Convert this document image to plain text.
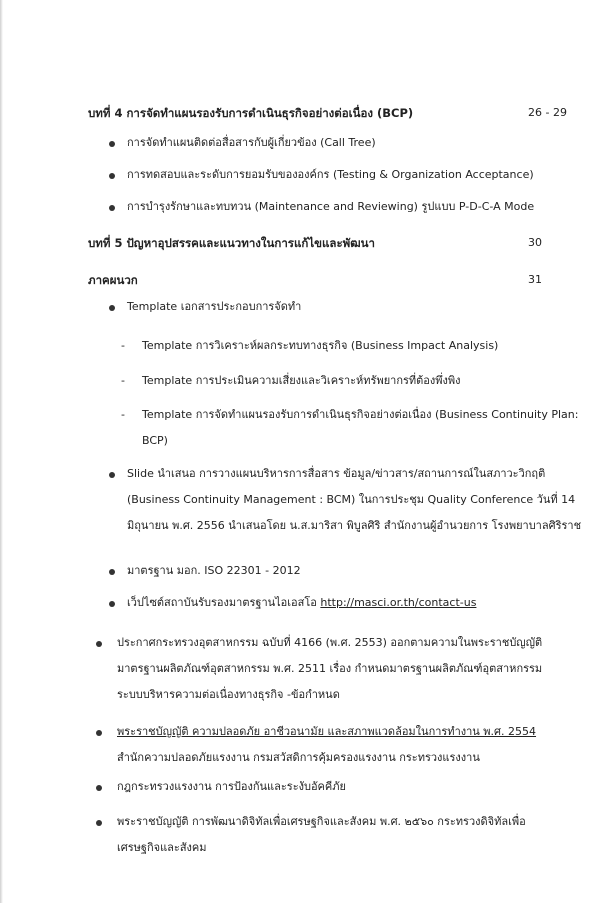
บทที่ 4 การจัดทำแผนรองรับการดำเนินธุรกิจอย่างต่อเนื่อง (BCP)	26 - 29
การจัดทำแผนติดต่อสื่อสารกับผู้เกี่ยวข้อง (Call Tree)
การทดสอบและระดับการยอมรับขององค์กร (Testing & Organization Acceptance)
การบำรุงรักษาและทบทวน (Maintenance and Reviewing) รูปแบบ P-D-C-A Mode
บทที่ 5 ปัญหาอุปสรรคและแนวทางในการแก้ไขและพัฒนา	30
ภาคผนวก	31
Template เอกสารประกอบการจัดทำ
- Template การวิเคราะห์ผลกระทบทางธุรกิจ (Business Impact Analysis)
- Template การประเมินความเสี่ยงและวิเคราะห์ทรัพยากรที่ต้องพึ่งพิง
- Template การจัดทำแผนรองรับการดำเนินธุรกิจอย่างต่อเนื่อง (Business Continuity Plan:
BCP)
Slide นำเสนอ การวางแผนบริหารการสื่อสาร ข้อมูล/ข่าวสาร/สถานการณ์ในสภาวะวิกฤติ
(Business Continuity Management : BCM) ในการประชุม Quality Conference วันที่ 14
มิถุนายน พ.ศ. 2556 นำเสนอโดย น.ส.มาริสา พิบูลศิริ สำนักงานผู้อำนวยการ โรงพยาบาลศิริราช
มาตรฐาน มอก. ISO 22301 - 2012
เว็ปไซต์สถาบันรับรองมาตรฐานไอเอสโอ http://masci.or.th/contact-us
ประกาศกระทรวงอุตสาหกรรม ฉบับที่ 4166 (พ.ศ. 2553) ออกตามความในพระราชบัญญัติ
มาตรฐานผลิตภัณฑ์อุตสาหกรรม พ.ศ. 2511 เรื่อง กำหนดมาตรฐานผลิตภัณฑ์อุตสาหกรรม
ระบบบริหารความต่อเนื่องทางธุรกิจ -ข้อกำหนด
พระราชบัญญัติ ความปลอดภัย อาชีวอนามัย และสภาพแวดล้อมในการทำงาน พ.ศ. 2554
สำนักความปลอดภัยแรงงาน กรมสวัสดิการคุ้มครองแรงงาน กระทรวงแรงงาน
กฎกระทรวงแรงงาน การป้องกันและระงับอัคคีภัย
พระราชบัญญัติ การพัฒนาดิจิทัลเพื่อเศรษฐกิจและสังคม พ.ศ. ๒๕๖๐ กระทรวงดิจิทัลเพื่อ
เศรษฐกิจและสังคม
